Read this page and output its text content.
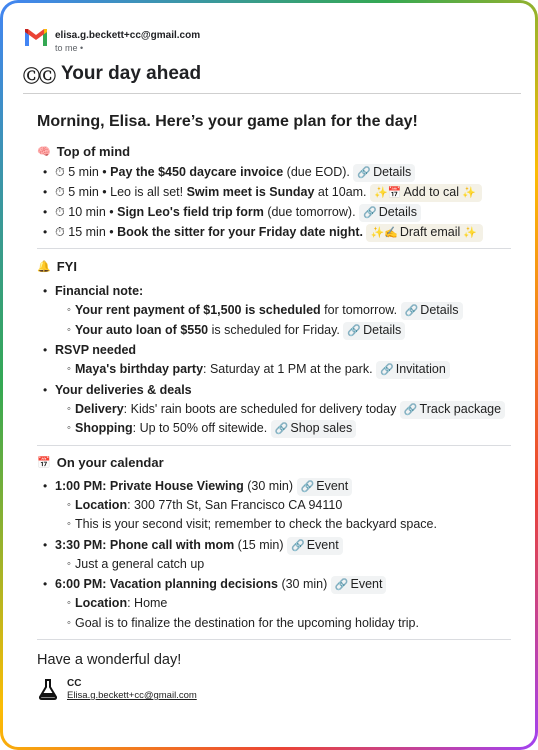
elisa.g.beckett+cc@gmail.com
to me •
ⒸⒸ Your day ahead
Morning, Elisa. Here’s your game plan for the day!
🧠 Top of mind
• ⏱ 5 min • Pay the $450 daycare invoice (due EOD). 🔗 Details
• ⏱ 5 min • Leo is all set! Swim meet is Sunday at 10am. ✨📅 Add to cal ✨
• ⏱ 10 min • Sign Leo's field trip form (due tomorrow). 🔗 Details
• ⏱ 15 min • Book the sitter for your Friday date night. ✨✍ Draft email ✨
🔔 FYI
• Financial note:
◦ Your rent payment of $1,500 is scheduled for tomorrow. 🔗 Details
◦ Your auto loan of $550 is scheduled for Friday. 🔗 Details
• RSVP needed
◦ Maya's birthday party: Saturday at 1 PM at the park. 🔗 Invitation
• Your deliveries & deals
◦ Delivery: Kids' rain boots are scheduled for delivery today 🔗 Track package
◦ Shopping: Up to 50% off sitewide. 🔗 Shop sales
📅 On your calendar
• 1:00 PM: Private House Viewing (30 min) 🔗 Event
◦ Location: 300 77th St, San Francisco CA 94110
◦ This is your second visit; remember to check the backyard space.
• 3:30 PM: Phone call with mom (15 min) 🔗 Event
◦ Just a general catch up
• 6:00 PM: Vacation planning decisions (30 min) 🔗 Event
◦ Location: Home
◦ Goal is to finalize the destination for the upcoming holiday trip.
Have a wonderful day!
CC
Elisa.g.beckett+cc@gmail.com
